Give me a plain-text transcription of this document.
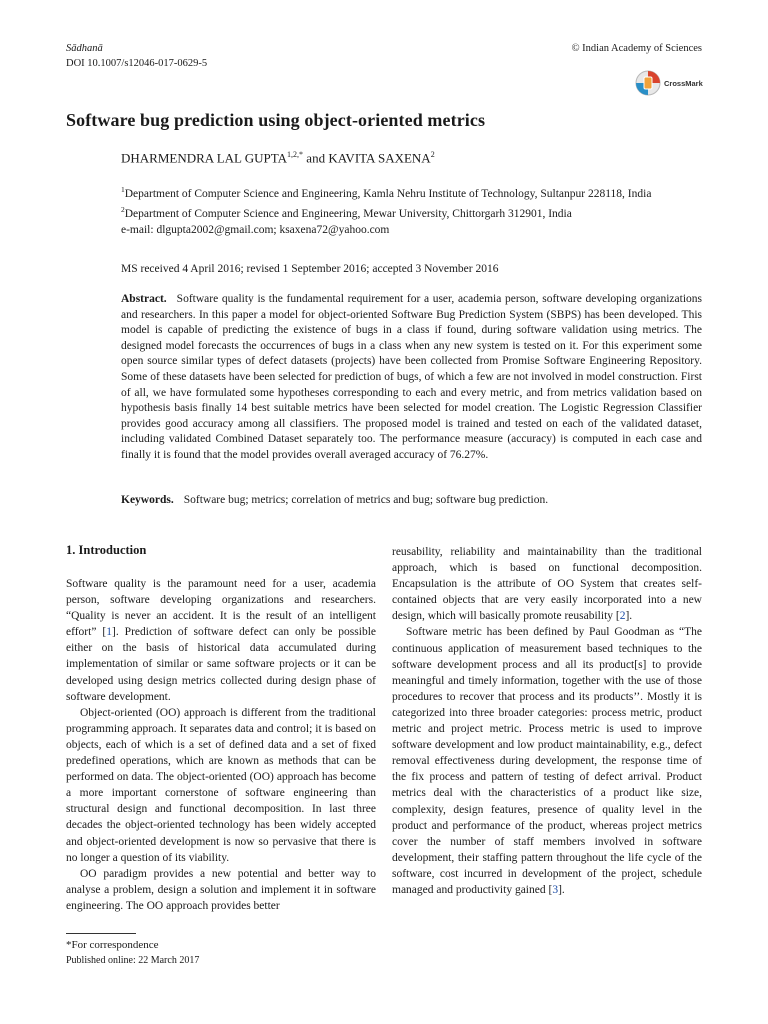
Sādhanā
DOI 10.1007/s12046-017-0629-5
© Indian Academy of Sciences
CrossMark
Software bug prediction using object-oriented metrics
DHARMENDRA LAL $GUPTA^{1,2,*}$ and KAVITA SAXENA$^2$

$^1$Department of Computer Science and Engineering, Kamla Nehru Institute of Technology, Sultanpur 228118, India

$^2$Department of Computer Science and Engineering, Mewar University, Chittorgarh 312901, India

e-mail: dlgupta2002@gmail.com; ksaxena72@yahoo.com

MS received 4 April 2016; revised 1 September 2016; accepted 3 November 2016
Abstract. Software quality is the fundamental requirement for a user, academia person, software developing organizations and researchers. In this paper a model for object-oriented Software Bug Prediction System (SBPS) has been developed. This model is capable of predicting the existence of bugs in a class if found, during software validation using metrics. The designed model forecasts the occurrences of bugs in a class when any new system is tested on it. For this experiment some open source similar types of defect datasets (projects) have been collected from Promise Software Engineering Repository. Some of these datasets have been selected for prediction of bugs, of which a few are not involved in model construction. First of all, we have formulated some hypotheses corresponding to each and every metric, and from metrics validation based on hypothesis basis finally 14 best suitable metrics have been selected for model creation. The Logistic Regression Classifier provides good accuracy among all classifiers. The proposed model is trained and tested on each of the validated dataset, including validated Combined Dataset separately too. The performance measure (accuracy) is computed in each case and finally it is found that the model provides overall averaged accuracy of 76.27%.
Keywords. Software bug; metrics; correlation of metrics and bug; software bug prediction.
1. Introduction

Software quality is the paramount need for a user, academia person, software developing organizations and researchers. “Quality is never an accident. It is the result of an intelligent effort” [1]. Prediction of software defect can only be possible either on the basis of historical data accumulated during implementation of similar or same software projects or it can be developed using design metrics collected during design phase of software development.

Object-oriented (OO) approach is different from the traditional programming approach. It separates data and control; it is based on objects, each of which is a set of defined data and a set of fixed predefined operations, which are known as methods that can be performed on data. The object-oriented (OO) approach has become a more important cornerstone of software engineering than structural design and functional decomposition. In last three decades the object-oriented technology has been widely accepted and object-oriented development is now so pervasive that there is no longer a question of its viability.

OO paradigm provides a new potential and better way to analyse a problem, design a solution and implement it in software engineering. The OO approach provides better

reusability, reliability and maintainability than the traditional approach, which is based on functional decomposition. Encapsulation is the attribute of OO System that creates self-contained objects that are very easily incorporated into a new design, which will basically promote reusability [2].

Software metric has been defined by Paul Goodman as “The continuous application of measurement based techniques to the software development process and all its product[s] to provide meaningful and timely information, together with the use of those procedures to recover that process and its products’’. Mostly it is categorized into three broader categories: process metric, product metric and project metric. Process metric is used to improve software development and low product maintainability, e.g., defect removal effectiveness during development, the response time of the fix process and pattern of testing of defect arrival. Product metrics deal with the characteristics of a product like size, complexity, design features, presence of quality level in the product and performance of the product, whereas project metrics cover the number of staff members involved in software development, their staffing pattern throughout the life cycle of the software, cost incurred in development of the project, schedule managed and productivity gained [3].

*For correspondence
Published online: 22 March 2017
